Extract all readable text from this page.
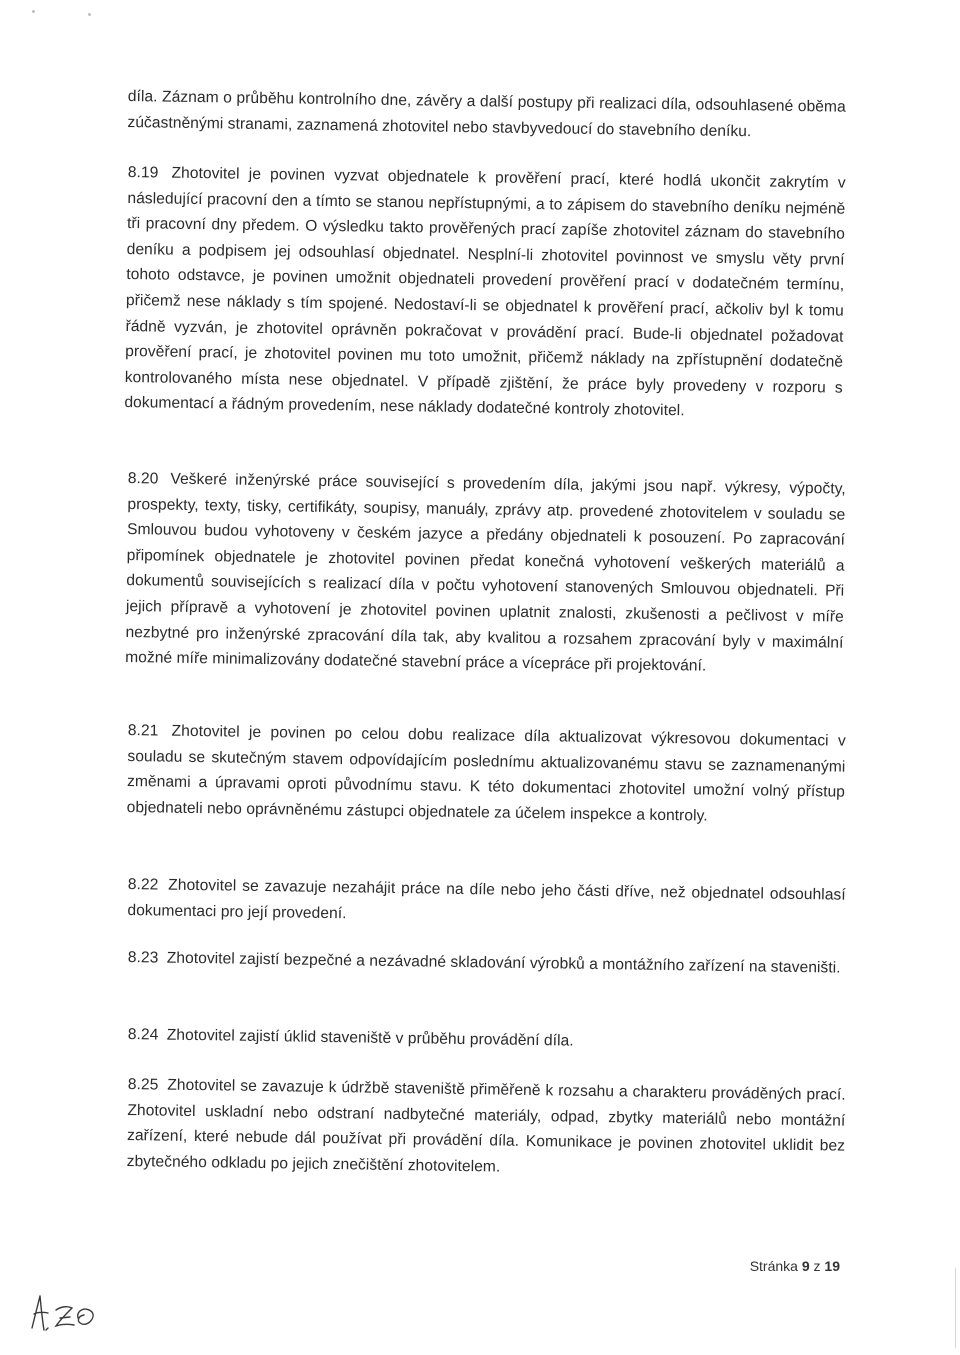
díla. Záznam o průběhu kontrolního dne, závěry a další postupy při realizaci díla, odsouhlasené oběma zúčastněnými stranami, zaznamená zhotovitel nebo stavbyvedoucí do stavebního deníku.

8.19 Zhotovitel je povinen vyzvat objednatele k prověření prací, které hodlá ukončit zakrytím v následující pracovní den a tímto se stanou nepřístupnými, a to zápisem do stavebního deníku nejméně tři pracovní dny předem. O výsledku takto prověřených prací zapíše zhotovitel záznam do stavebního deníku a podpisem jej odsouhlasí objednatel. Nesplní-li zhotovitel povinnost ve smyslu věty první tohoto odstavce, je povinen umožnit objednateli provedení prověření prací v dodatečném termínu, přičemž nese náklady s tím spojené. Nedostaví-li se objednatel k prověření prací, ačkoliv byl k tomu řádně vyzván, je zhotovitel oprávněn pokračovat v provádění prací. Bude-li objednatel požadovat prověření prací, je zhotovitel povinen mu toto umožnit, přičemž náklady na zpřístupnění dodatečně kontrolovaného místa nese objednatel. V případě zjištění, že práce byly provedeny v rozporu s dokumentací a řádným provedením, nese náklady dodatečné kontroly zhotovitel.

8.20 Veškeré inženýrské práce související s provedením díla, jakými jsou např. výkresy, výpočty, prospekty, texty, tisky, certifikáty, soupisy, manuály, zprávy atp. provedené zhotovitelem v souladu se Smlouvou budou vyhotoveny v českém jazyce a předány objednateli k posouzení. Po zapracování připomínek objednatele je zhotovitel povinen předat konečná vyhotovení veškerých materiálů a dokumentů souvisejících s realizací díla v počtu vyhotovení stanovených Smlouvou objednateli. Při jejich přípravě a vyhotovení je zhotovitel povinen uplatnit znalosti, zkušenosti a pečlivost v míře nezbytné pro inženýrské zpracování díla tak, aby kvalitou a rozsahem zpracování byly v maximální možné míře minimalizovány dodatečné stavební práce a vícepráce při projektování.

8.21 Zhotovitel je povinen po celou dobu realizace díla aktualizovat výkresovou dokumentaci v souladu se skutečným stavem odpovídajícím poslednímu aktualizovanému stavu se zaznamenanými změnami a úpravami oproti původnímu stavu. K této dokumentaci zhotovitel umožní volný přístup objednateli nebo oprávněnému zástupci objednatele za účelem inspekce a kontroly.

8.22 Zhotovitel se zavazuje nezahájit práce na díle nebo jeho části dříve, než objednatel odsouhlasí dokumentaci pro její provedení.

8.23 Zhotovitel zajistí bezpečné a nezávadné skladování výrobků a montážního zařízení na staveništi.

8.24 Zhotovitel zajistí úklid staveniště v průběhu provádění díla.

8.25 Zhotovitel se zavazuje k údržbě staveniště přiměřeně k rozsahu a charakteru prováděných prací. Zhotovitel uskladní nebo odstraní nadbytečné materiály, odpad, zbytky materiálů nebo montážní zařízení, které nebude dál používat při provádění díla. Komunikace je povinen zhotovitel uklidit bez zbytečného odkladu po jejich znečištění zhotovitelem.

Stránka 9 z 19
